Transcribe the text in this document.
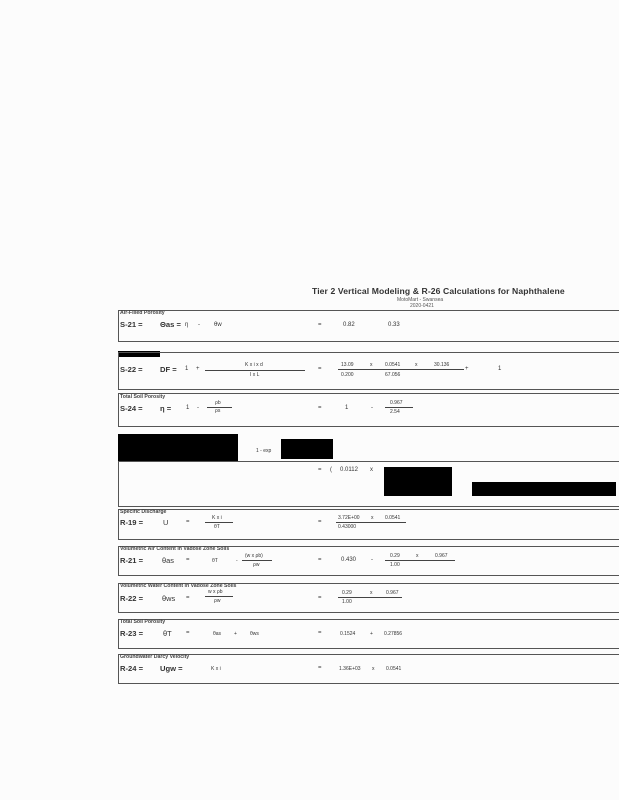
Tier 2 Vertical Modeling & R-26 Calculations for Naphthalene
MotoMart - Swansea
2020-0421
Air-Filled Porosity
S-21 = Θas = η - θw	=	0.82	0.33
S-22 = DF = 1 +
K x i x d
I x L
=
13.09	x	0.0541	x	30.136
0.200	67.056
+	1
Total Soil Porosity
S-24 = η = 1 -
ρb
ρs	=	1	-
0.967
2.54
1 - exp
= ( 0.0112 x
Specific Discharge
R-19 =	U	=
K x i
θT
=
3.72E+00 x 0.0541
0.43000
Volumetric Air Content in Vadose Zone Soils
R-21 =	θas =	θT	-
(w x ρb)
ρw
=	0.430 -
0.29	x	0.967
1.00
Volumetric Water Content in Vadose Zone Soils
R-22 =	θws =
w x ρb
ρw	=
0.29	x	0.967
1.00
Total Soil Porosity
R-23 =	θT =	θas	+	θws	=	0.1524	+ 0.27856
Groundwater Darcy Velocity
R-24 = Ugw =	K x i	=	1.36E+03 x 0.0541
